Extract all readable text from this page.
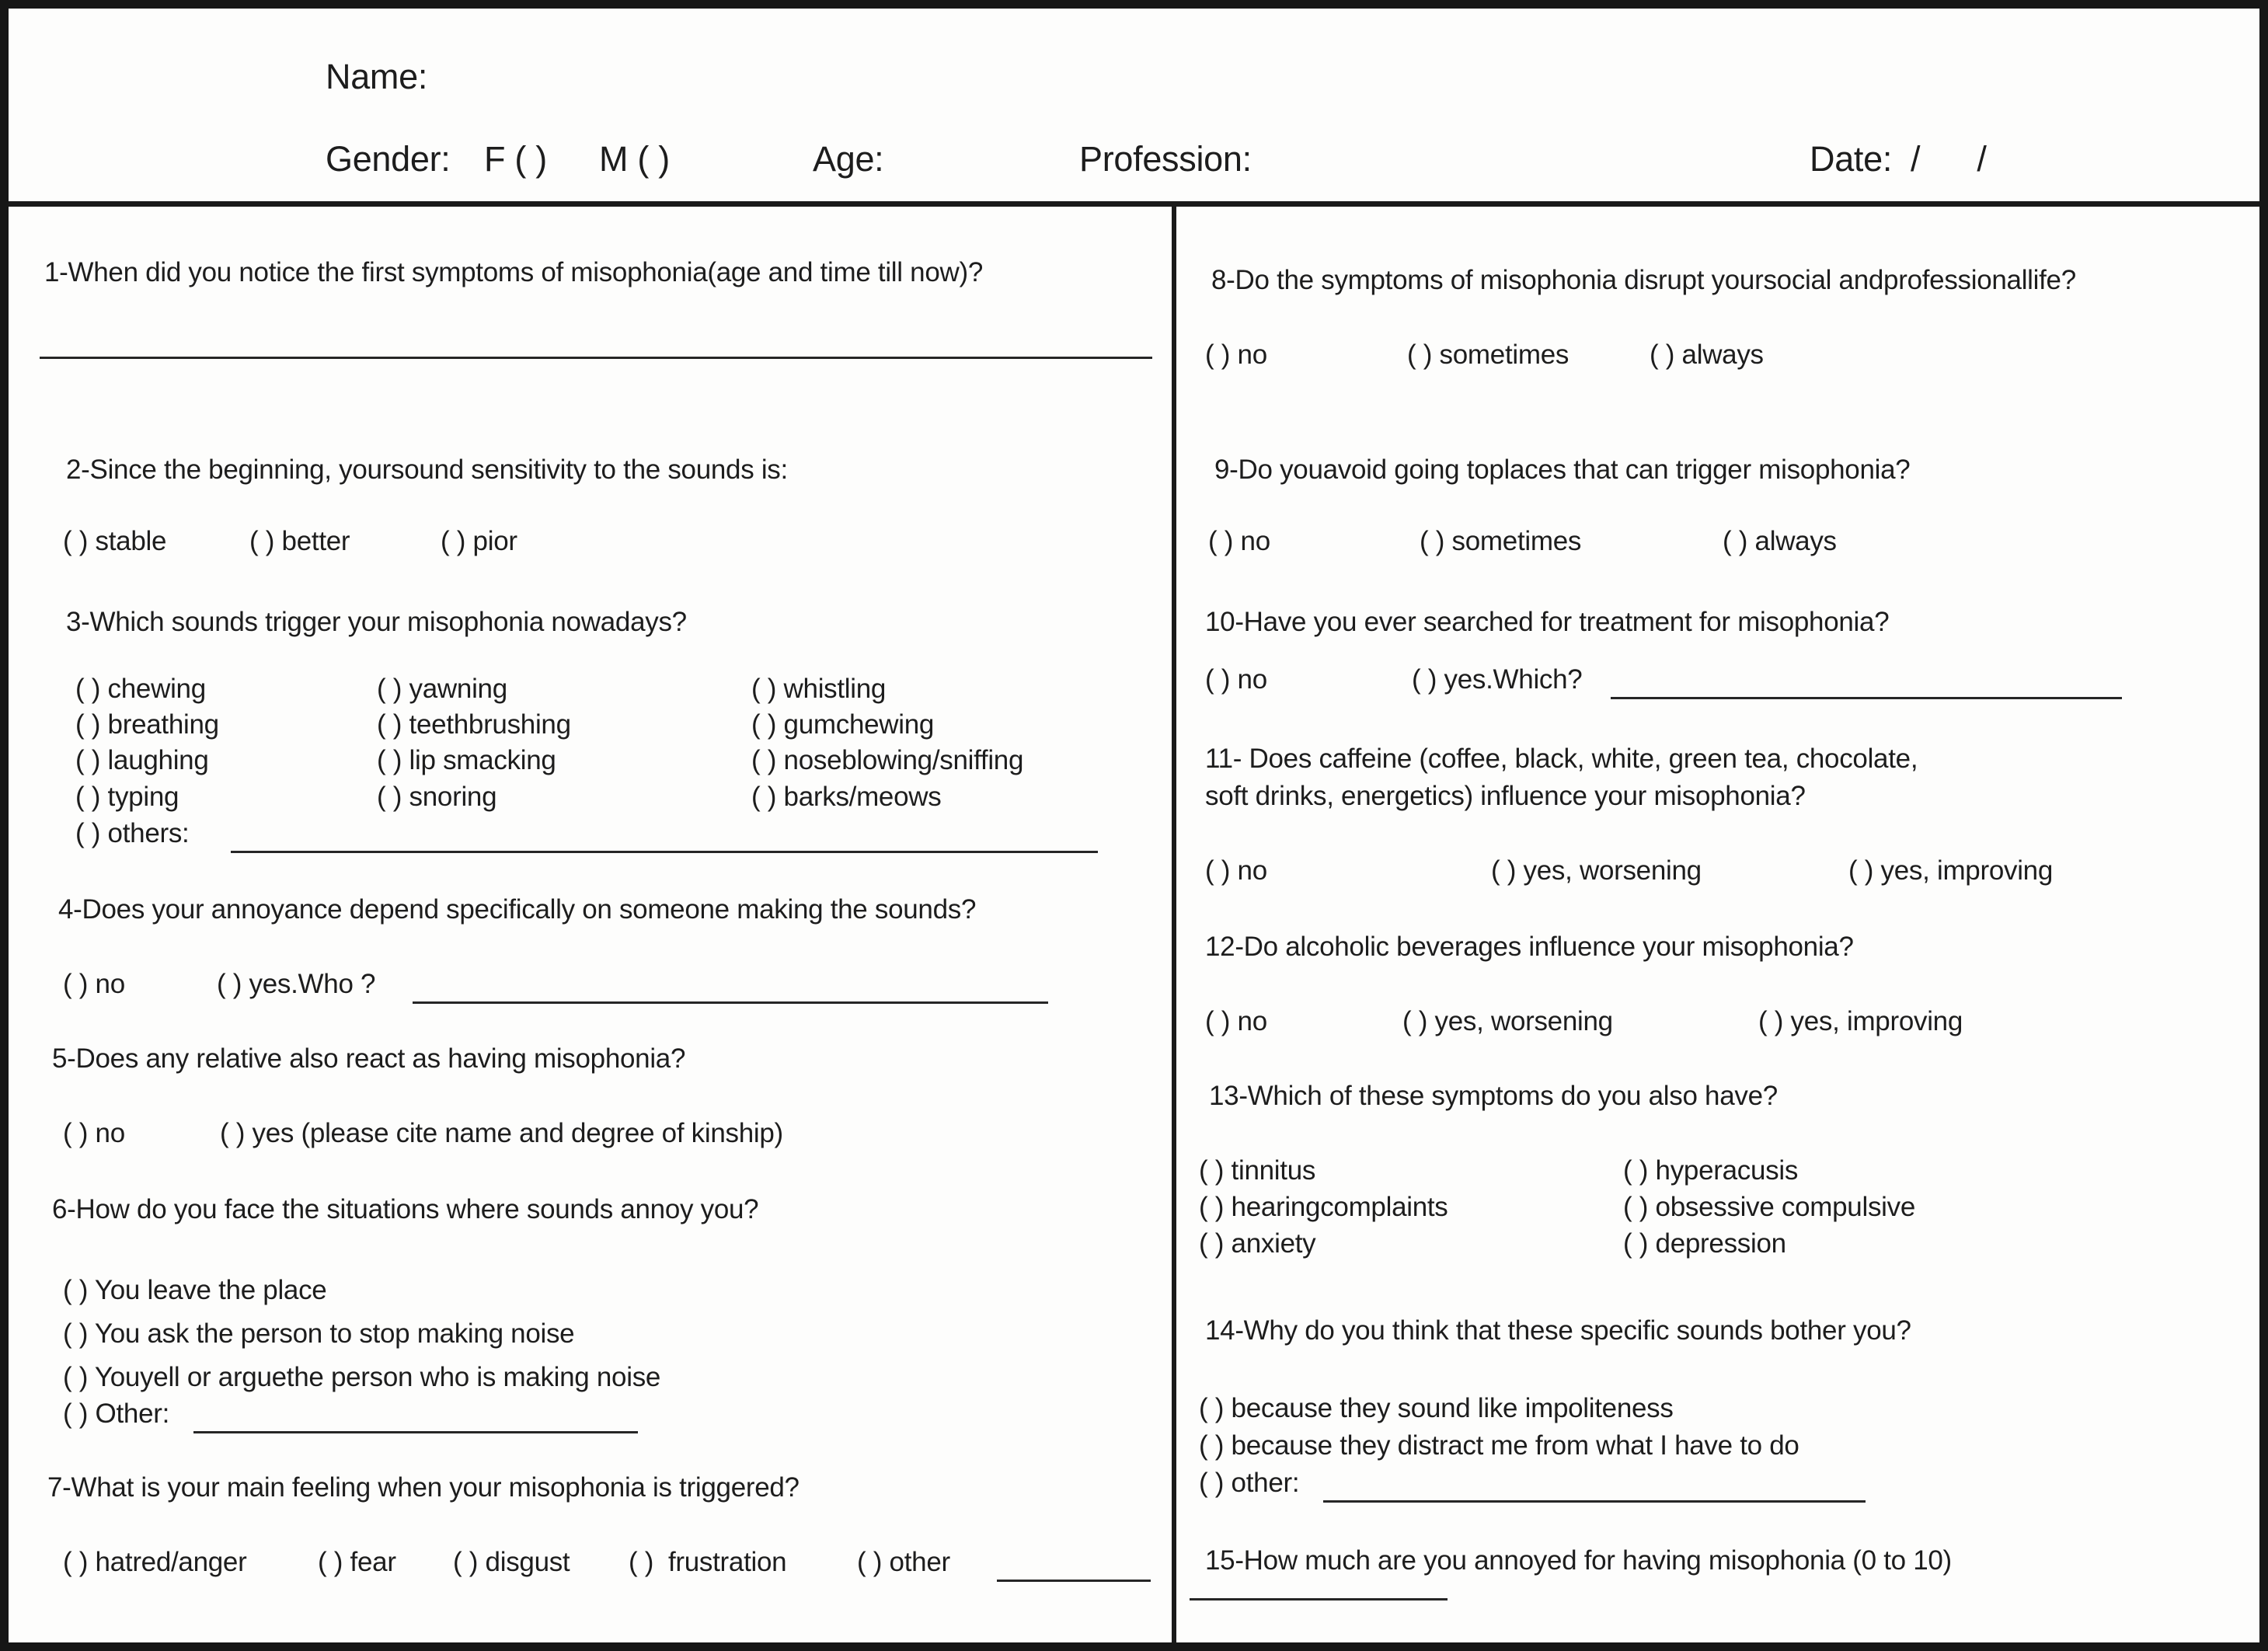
Name:
Gender: F ( ) M ( )	Age:	Profession:	Date: /      /
1-When did you notice the first symptoms of misophonia(age and time till now)?
2-Since the beginning, yoursound sensitivity to the sounds is:
( ) stable	( ) better	( ) pior
3-Which sounds trigger your misophonia nowadays?
( ) chewing	( ) yawning	( ) whistling
( ) breathing	( ) teethbrushing	( ) gumchewing
( ) laughing	( ) lip smacking	( ) noseblowing/sniffing
( ) typing	( ) snoring	( ) barks/meows
( ) others:
4-Does your annoyance depend specifically on someone making the sounds?
( ) no	( ) yes.Who ?
5-Does any relative also react as having misophonia?
( ) no	( ) yes (please cite name and degree of kinship)
6-How do you face the situations where sounds annoy you?
( ) You leave the place
( ) You ask the person to stop making noise
( ) Youyell or arguethe person who is making noise
( ) Other:
7-What is your main feeling when your misophonia is triggered?
( ) hatred/anger	( ) fear ( ) disgust ( )  frustration	( ) other
8-Do the symptoms of misophonia disrupt yoursocial andprofessionallife?
( ) no	( ) sometimes	( ) always
9-Do youavoid going toplaces that can trigger misophonia?
( ) no	( ) sometimes	( ) always
10-Have you ever searched for treatment for misophonia?
( ) no	( ) yes.Which?
11- Does caffeine (coffee, black, white, green tea, chocolate,
soft drinks, energetics) influence your misophonia?
( ) no	( ) yes, worsening	( ) yes, improving
12-Do alcoholic beverages influence your misophonia?
( ) no	( ) yes, worsening	( ) yes, improving
13-Which of these symptoms do you also have?
( ) tinnitus	( ) hyperacusis
( ) hearingcomplaints	( ) obsessive compulsive
( ) anxiety	( ) depression
14-Why do you think that these specific sounds bother you?
( ) because they sound like impoliteness
( ) because they distract me from what I have to do
( ) other:
15-How much are you annoyed for having misophonia (0 to 10)
